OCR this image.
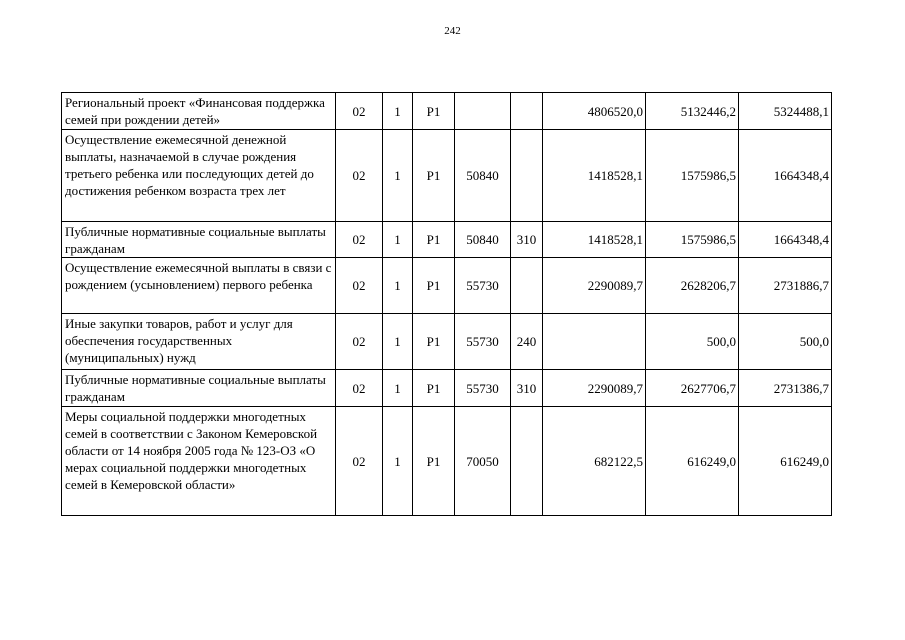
242
Региональный проект «Финансовая поддержка семей при рождении детей»	02	1	Р1			4806520,0	5132446,2	5324488,1
Осуществление ежемесячной денежной выплаты, назначаемой в случае рождения третьего ребенка или последующих детей до достижения ребенком возраста трех лет	02	1	Р1	50840		1418528,1	1575986,5	1664348,4
Публичные нормативные социальные выплаты гражданам	02	1	Р1	50840	310	1418528,1	1575986,5	1664348,4
Осуществление ежемесячной выплаты в связи с рождением (усыновлением) первого ребенка	02	1	Р1	55730		2290089,7	2628206,7	2731886,7
Иные закупки товаров, работ и услуг для обеспечения государственных (муниципальных) нужд	02	1	Р1	55730	240		500,0	500,0
Публичные нормативные социальные выплаты гражданам	02	1	Р1	55730	310	2290089,7	2627706,7	2731386,7
Меры социальной поддержки многодетных семей в соответствии с Законом Кемеровской области от 14 ноября 2005 года № 123-ОЗ «О мерах социальной поддержки многодетных семей в Кемеровской области»	02	1	Р1	70050		682122,5	616249,0	616249,0
